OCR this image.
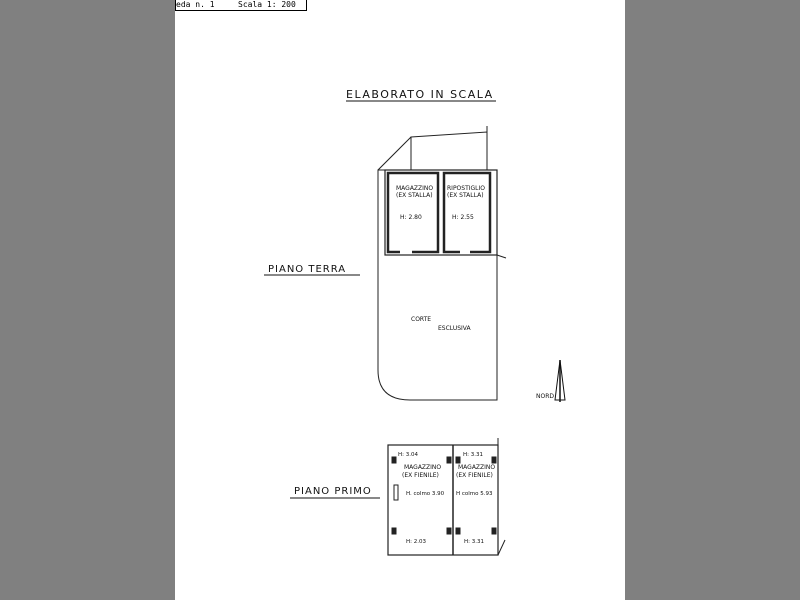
eda n. 1	Scala 1: 200
ELABORATO IN SCALA
MAGAZZINO
(EX STALLA)
H: 2.80
RIPOSTIGLIO
(EX STALLA)
H: 2.55
CORTE
ESCLUSIVA
PIANO TERRA
NORD
H: 3.04
MAGAZZINO
(EX FIENILE)
H. colmo 3.90
H: 2.03
H: 3.31
MAGAZZINO
(EX FIENILE)
H colmo 5.93
H: 3.31
PIANO PRIMO
